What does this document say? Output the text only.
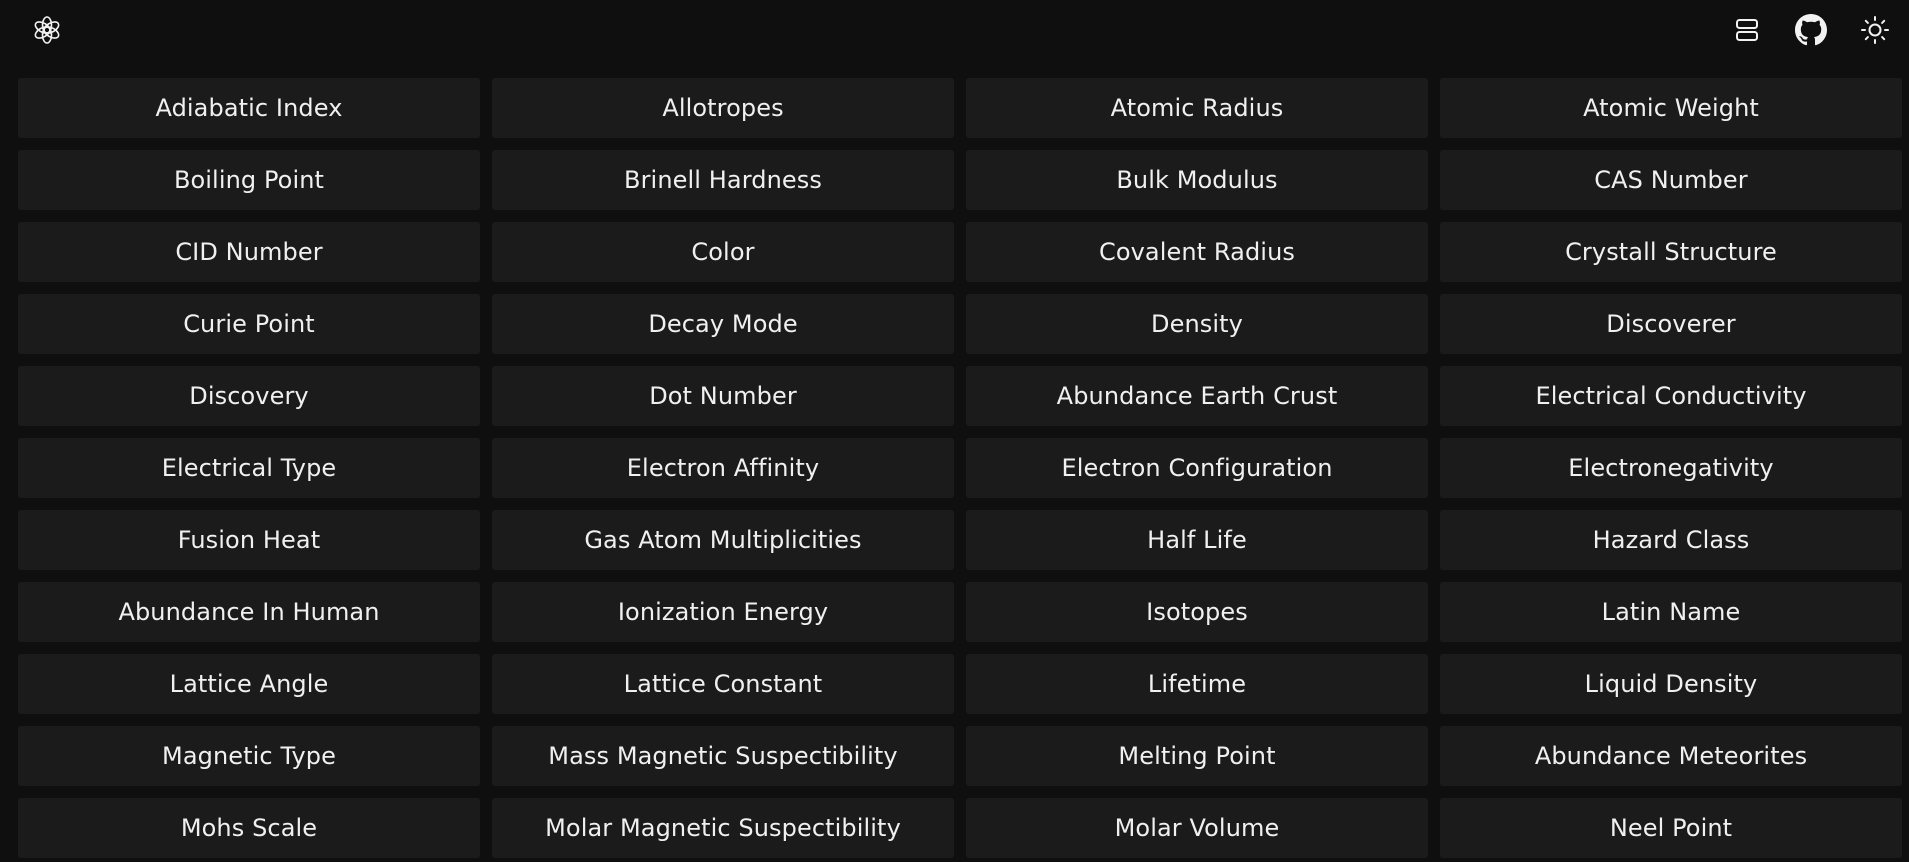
Adiabatic Index	Allotropes	Atomic Radius	Atomic Weight
Boiling Point	Brinell Hardness	Bulk Modulus	CAS Number
CID Number	Color	Covalent Radius	Crystall Structure
Curie Point	Decay Mode	Density	Discoverer
Discovery	Dot Number	Abundance Earth Crust	Electrical Conductivity
Electrical Type	Electron Affinity	Electron Configuration	Electronegativity
Fusion Heat	Gas Atom Multiplicities	Half Life	Hazard Class
Abundance In Human	Ionization Energy	Isotopes	Latin Name
Lattice Angle	Lattice Constant	Lifetime	Liquid Density
Magnetic Type	Mass Magnetic Suspectibility	Melting Point	Abundance Meteorites
Mohs Scale	Molar Magnetic Suspectibility	Molar Volume	Neel Point
